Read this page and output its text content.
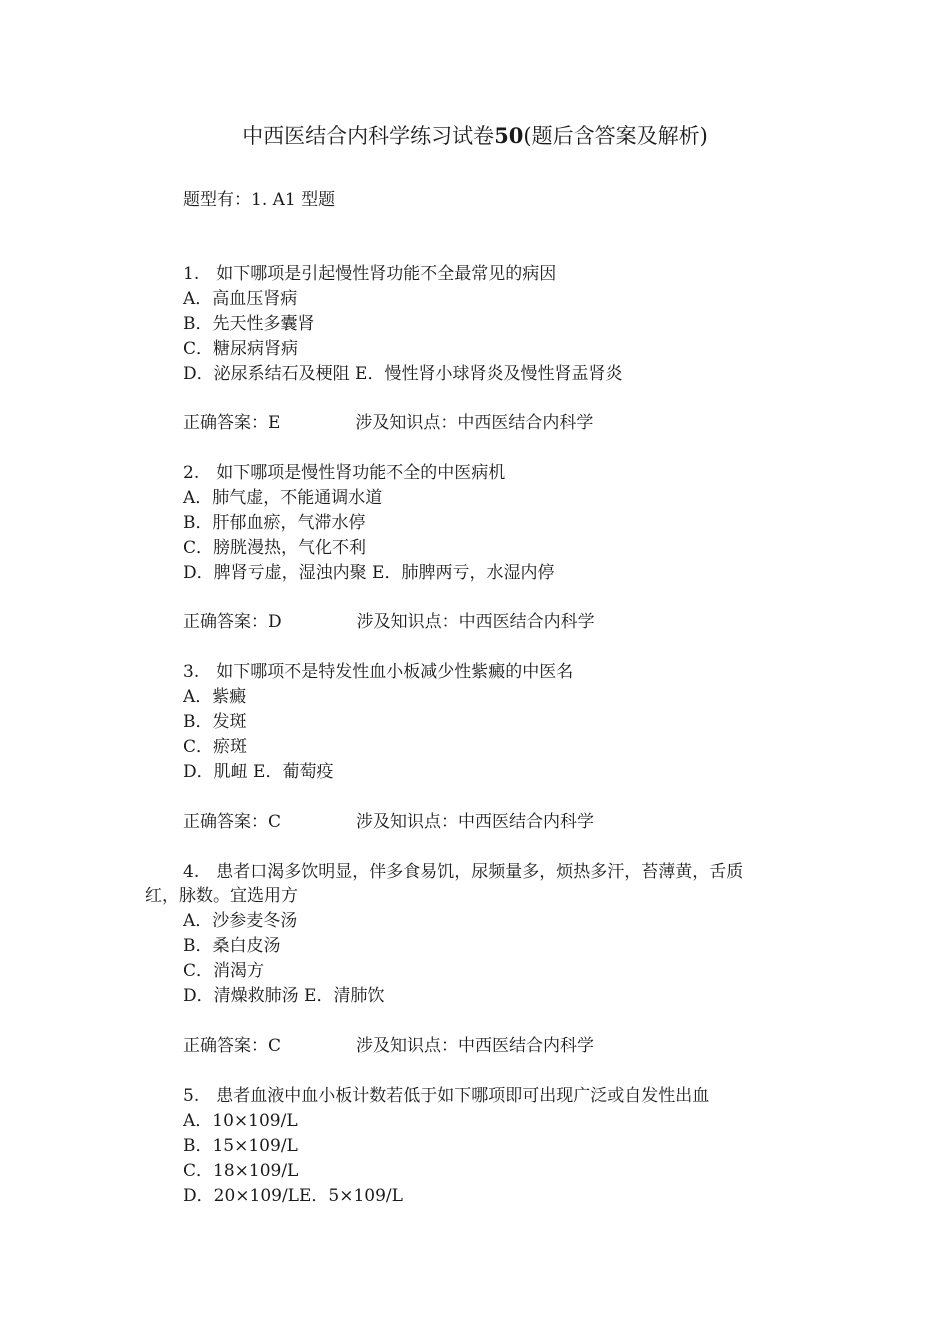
中西医结合内科学练习试卷50(题后含答案及解析)
题型有：1. A1 型题
1.　如下哪项是引起慢性肾功能不全最常见的病因
A．高血压肾病
B．先天性多囊肾
C．糖尿病肾病
D．泌尿系结石及梗阻 E．慢性肾小球肾炎及慢性肾盂肾炎
正确答案：E	涉及知识点：中西医结合内科学
2.　如下哪项是慢性肾功能不全的中医病机
A．肺气虚，不能通调水道
B．肝郁血瘀，气滞水停
C．膀胱漫热，气化不利
D．脾肾亏虚，湿浊内聚 E．肺脾两亏，水湿内停
正确答案：D	涉及知识点：中西医结合内科学
3.　如下哪项不是特发性血小板减少性紫癜的中医名
A．紫癜
B．发斑
C．瘀斑
D．肌衄 E．葡萄疫
正确答案：C	涉及知识点：中西医结合内科学
4.　患者口渴多饮明显，伴多食易饥，尿频量多，烦热多汗，苔薄黄，舌质
红，脉数。宜选用方
A．沙参麦冬汤
B．桑白皮汤
C．消渴方
D．清燥救肺汤 E．清肺饮
正确答案：C	涉及知识点：中西医结合内科学
5.　患者血液中血小板计数若低于如下哪项即可出现广泛或自发性出血
A．10×109/L
B．15×109/L
C．18×109/L
D．20×109/LE．5×109/L
